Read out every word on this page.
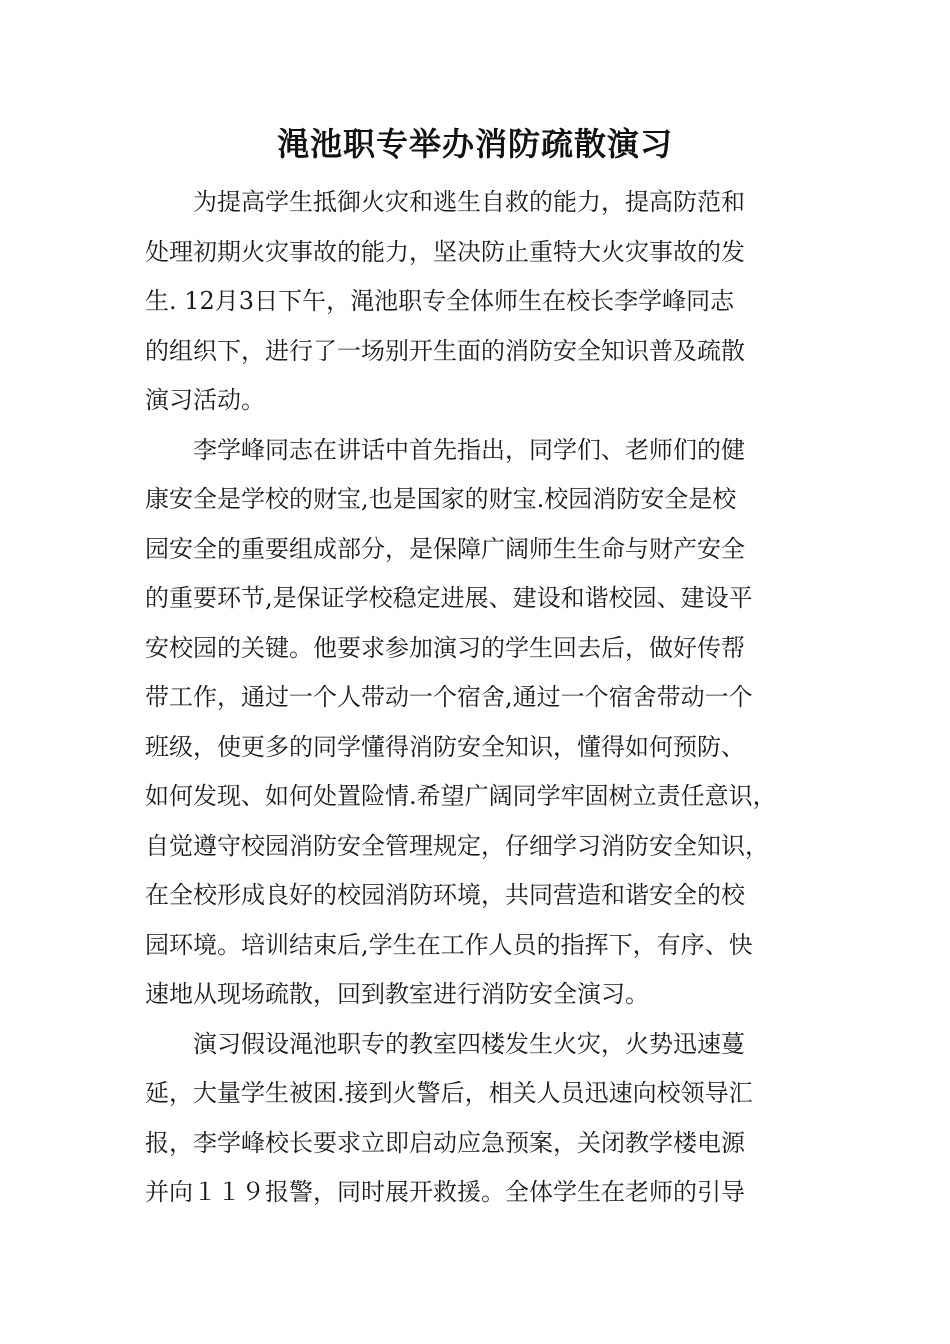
渑池职专举办消防疏散演习

为提高学生抵御火灾和逃生自救的能力，提高防范和
处理初期火灾事故的能力，坚决防止重特大火灾事故的发
生. 12月3日下午，渑池职专全体师生在校长李学峰同志
的组织下，进行了一场别开生面的消防安全知识普及疏散
演习活动。

李学峰同志在讲话中首先指出，同学们、老师们的健
康安全是学校的财宝,也是国家的财宝.校园消防安全是校
园安全的重要组成部分，是保障广阔师生生命与财产安全
的重要环节,是保证学校稳定进展、建设和谐校园、建设平
安校园的关键。他要求参加演习的学生回去后，做好传帮
带工作，通过一个人带动一个宿舍,通过一个宿舍带动一个
班级，使更多的同学懂得消防安全知识，懂得如何预防、
如何发现、如何处置险情.希望广阔同学牢固树立责任意识，
自觉遵守校园消防安全管理规定，仔细学习消防安全知识，
在全校形成良好的校园消防环境，共同营造和谐安全的校
园环境。培训结束后,学生在工作人员的指挥下，有序、快
速地从现场疏散，回到教室进行消防安全演习。

演习假设渑池职专的教室四楼发生火灾，火势迅速蔓
延，大量学生被困.接到火警后，相关人员迅速向校领导汇
报，李学峰校长要求立即启动应急预案，关闭教学楼电源
并向１１９报警，同时展开救援。全体学生在老师的引导
